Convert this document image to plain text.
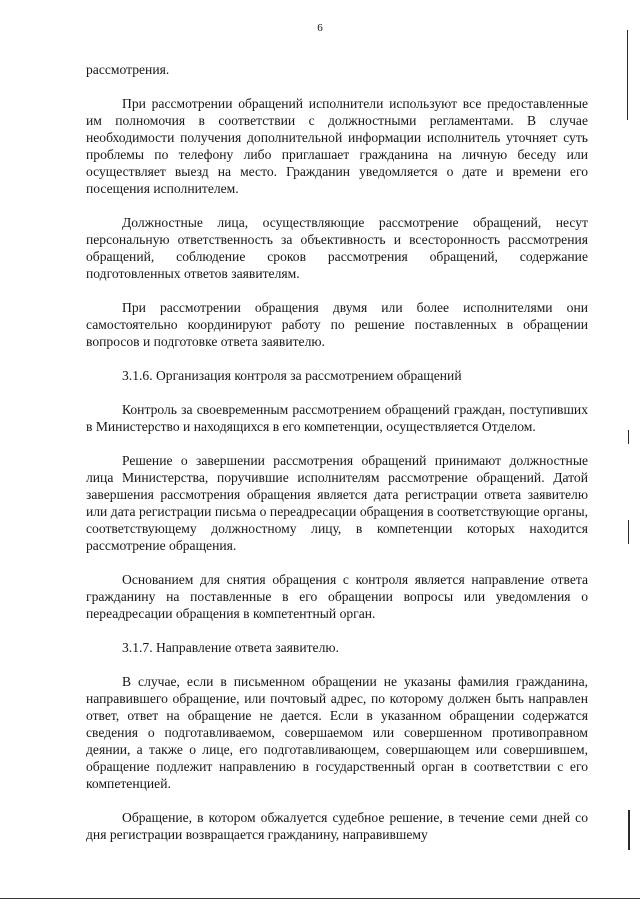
6

рассмотрения.

При рассмотрении обращений исполнители используют все предоставленные им полномочия в соответствии с должностными регламентами. В случае необходимости получения дополнительной информации исполнитель уточняет суть проблемы по телефону либо приглашает гражданина на личную беседу или осуществляет выезд на место. Гражданин уведомляется о дате и времени его посещения исполнителем.

Должностные лица, осуществляющие рассмотрение обращений, несут персональную ответственность за объективность и всесторонность рассмотрения обращений, соблюдение сроков рассмотрения обращений, содержание подготовленных ответов заявителям.

При рассмотрении обращения двумя или более исполнителями они самостоятельно координируют работу по решение поставленных в обращении вопросов и подготовке ответа заявителю.

3.1.6. Организация контроля за рассмотрением обращений

Контроль за своевременным рассмотрением обращений граждан, поступивших в Министерство и находящихся в его компетенции, осуществляется Отделом.

Решение о завершении рассмотрения обращений принимают должностные лица Министерства, поручившие исполнителям рассмотрение обращений. Датой завершения рассмотрения обращения является дата регистрации ответа заявителю или дата регистрации письма о переадресации обращения в соответствующие органы, соответствующему должностному лицу, в компетенции которых находится рассмотрение обращения.

Основанием для снятия обращения с контроля является направление ответа гражданину на поставленные в его обращении вопросы или уведомления о переадресации обращения в компетентный орган.

3.1.7. Направление ответа заявителю.

В случае, если в письменном обращении не указаны фамилия гражданина, направившего обращение, или почтовый адрес, по которому должен быть направлен ответ, ответ на обращение не дается. Если в указанном обращении содержатся сведения о подготавливаемом, совершаемом или совершенном противоправном деянии, а также о лице, его подготавливающем, совершающем или совершившем, обращение подлежит направлению в государственный орган в соответствии с его компетенцией.

Обращение, в котором обжалуется судебное решение, в течение семи дней со дня регистрации возвращается гражданину, направившему
